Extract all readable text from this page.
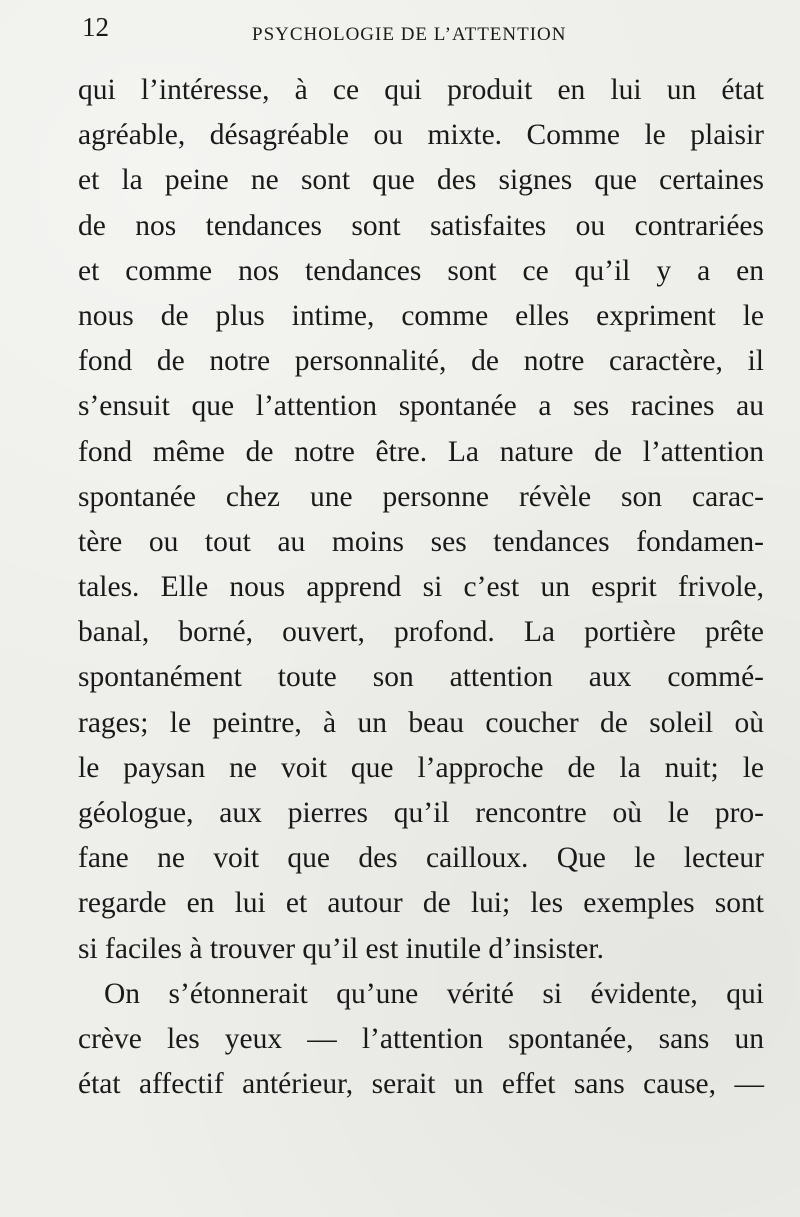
12	PSYCHOLOGIE DE L’ATTENTION
qui l’intéresse, à ce qui produit en lui un état
agréable, désagréable ou mixte. Comme le plaisir
et la peine ne sont que des signes que certaines
de nos tendances sont satisfaites ou contrariées
et comme nos tendances sont ce qu’il y a en
nous de plus intime, comme elles expriment le
fond de notre personnalité, de notre caractère, il
s’ensuit que l’attention spontanée a ses racines au
fond même de notre être. La nature de l’attention
spontanée chez une personne révèle son carac-
tère ou tout au moins ses tendances fondamen-
tales. Elle nous apprend si c’est un esprit frivole,
banal, borné, ouvert, profond. La portière prête
spontanément toute son attention aux commé-
rages; le peintre, à un beau coucher de soleil où
le paysan ne voit que l’approche de la nuit; le
géologue, aux pierres qu’il rencontre où le pro-
fane ne voit que des cailloux. Que le lecteur
regarde en lui et autour de lui; les exemples sont
si faciles à trouver qu’il est inutile d’insister.
On s’étonnerait qu’une vérité si évidente, qui
crève les yeux — l’attention spontanée, sans un
état affectif antérieur, serait un effet sans cause, —
